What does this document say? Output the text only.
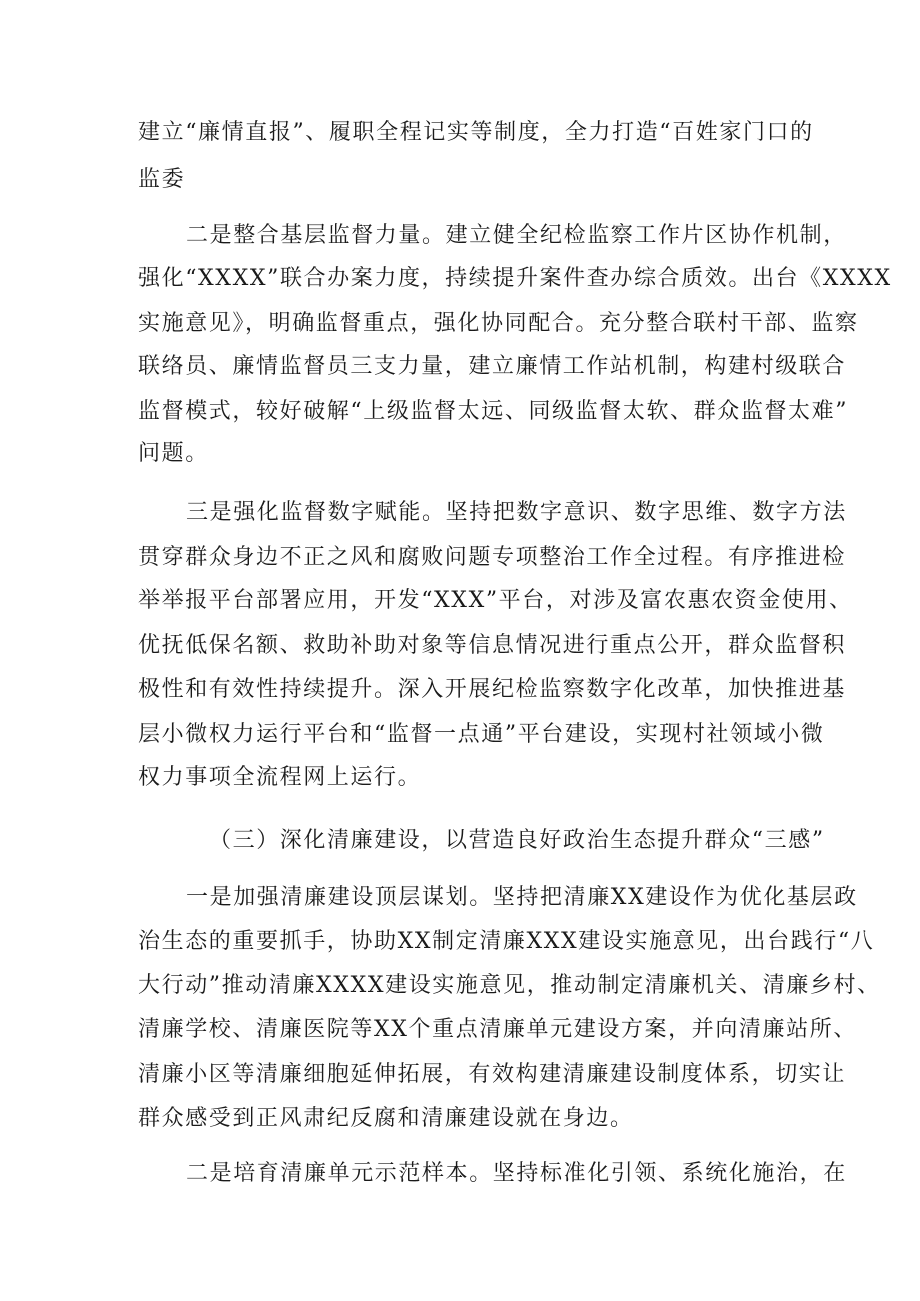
建立“廉情直报”、履职全程记实等制度，全力打造“百姓家门口的
监委
二是整合基层监督力量。建立健全纪检监察工作片区协作机制，
强化“XXXX”联合办案力度，持续提升案件查办综合质效。出台《XXXX
实施意见》，明确监督重点，强化协同配合。充分整合联村干部、监察
联络员、廉情监督员三支力量，建立廉情工作站机制，构建村级联合
监督模式，较好破解“上级监督太远、同级监督太软、群众监督太难”
问题。
三是强化监督数字赋能。坚持把数字意识、数字思维、数字方法
贯穿群众身边不正之风和腐败问题专项整治工作全过程。有序推进检
举举报平台部署应用，开发“XXX”平台，对涉及富农惠农资金使用、
优抚低保名额、救助补助对象等信息情况进行重点公开，群众监督积
极性和有效性持续提升。深入开展纪检监察数字化改革，加快推进基
层小微权力运行平台和“监督一点通”平台建设，实现村社领域小微
权力事项全流程网上运行。
（三）深化清廉建设，以营造良好政治生态提升群众“三感”
一是加强清廉建设顶层谋划。坚持把清廉XX建设作为优化基层政
治生态的重要抓手，协助XX制定清廉XXX建设实施意见，出台践行“八
大行动”推动清廉XXXX建设实施意见，推动制定清廉机关、清廉乡村、
清廉学校、清廉医院等XX个重点清廉单元建设方案，并向清廉站所、
清廉小区等清廉细胞延伸拓展，有效构建清廉建设制度体系，切实让
群众感受到正风肃纪反腐和清廉建设就在身边。
二是培育清廉单元示范样本。坚持标准化引领、系统化施治，在
